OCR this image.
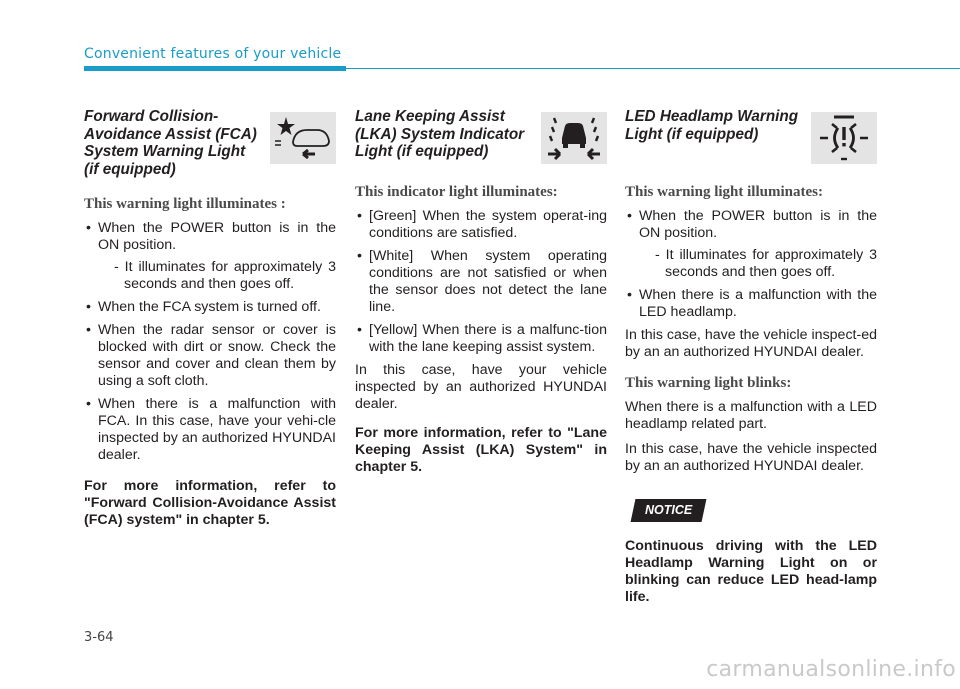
Convenient features of your vehicle
Forward Collision-
Avoidance Assist (FCA)
System Warning Light
(if equipped)
This warning light illuminates :
• When the POWER button is in the ON position.
- It illuminates for approximately 3 seconds and then goes off.
• When the FCA system is turned off.
• When the radar sensor or cover is blocked with dirt or snow. Check the sensor and cover and clean them by using a soft cloth.
• When there is a malfunction with FCA. In this case, have your vehi-cle inspected by an authorized HYUNDAI dealer.

For more information, refer to "Forward Collision-Avoidance Assist (FCA) system" in chapter 5.

Lane Keeping Assist
(LKA) System Indicator
Light (if equipped)
This indicator light illuminates:
• [Green] When the system operat-ing conditions are satisfied.
• [White] When system operating conditions are not satisfied or when the sensor does not detect the lane line.
• [Yellow] When there is a malfunc-tion with the lane keeping assist system.

In this case, have your vehicle inspected by an authorized HYUNDAI dealer.

For more information, refer to "Lane Keeping Assist (LKA) System" in chapter 5.

LED Headlamp Warning
Light (if equipped)
This warning light illuminates:
• When the POWER button is in the ON position.
- It illuminates for approximately 3 seconds and then goes off.
• When there is a malfunction with the LED headlamp.

In this case, have the vehicle inspect-ed by an an authorized HYUNDAI dealer.

This warning light blinks:

When there is a malfunction with a LED headlamp related part.

In this case, have the vehicle inspected by an an authorized HYUNDAI dealer.

NOTICE

Continuous driving with the LED Headlamp Warning Light on or blinking can reduce LED head-lamp life.

3-64
carmanualsonline.info
